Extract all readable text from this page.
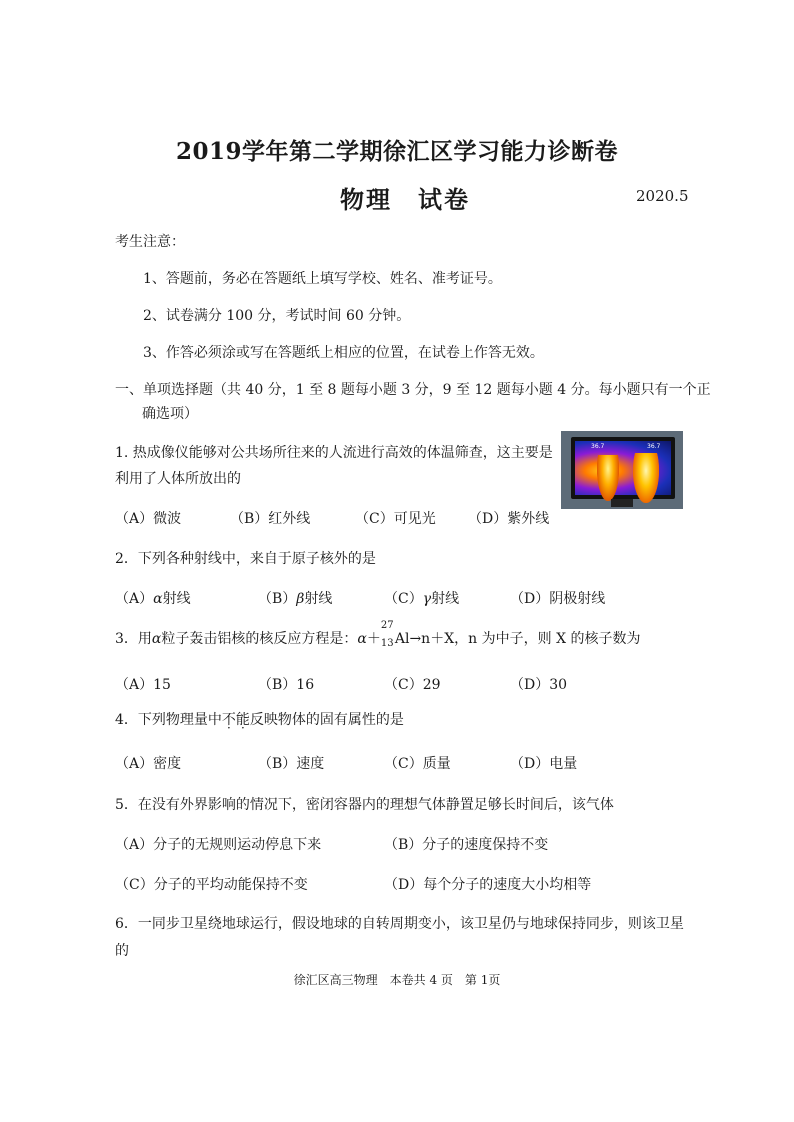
2019学年第二学期徐汇区学习能力诊断卷
物理　试卷	2020.5
考生注意：
1、答题前，务必在答题纸上填写学校、姓名、准考证号。
2、试卷满分 100 分，考试时间 60 分钟。
3、作答必须涂或写在答题纸上相应的位置，在试卷上作答无效。
一、单项选择题（共 40 分，1 至 8 题每小题 3 分，9 至 12 题每小题 4 分。每小题只有一个正
确选项）
1. 热成像仪能够对公共场所往来的人流进行高效的体温筛查，这主要是
利用了人体所放出的
36.7	36.7
（A）微波	（B）红外线	（C）可见光 （D）紫外线
2．下列各种射线中，来自于原子核外的是
（A）α射线	（B）β射线	（C）γ射线	（D）阴极射线
3．用α粒子轰击铝核的核反应方程是：α＋
27
13 Al→n＋X，n 为中子，则 X 的核子数为
（A）15	（B）16	（C）29	（D）30
4．下列物理量中不能反映物体的固有属性的是
（A）密度	（B）速度	（C）质量	（D）电量
5．在没有外界影响的情况下，密闭容器内的理想气体静置足够长时间后，该气体
（A）分子的无规则运动停息下来	（B）分子的速度保持不变
（C）分子的平均动能保持不变	（D）每个分子的速度大小均相等
6．一同步卫星绕地球运行，假设地球的自转周期变小，该卫星仍与地球保持同步，则该卫星
的
徐汇区高三物理　本卷共 4 页　第 1页
